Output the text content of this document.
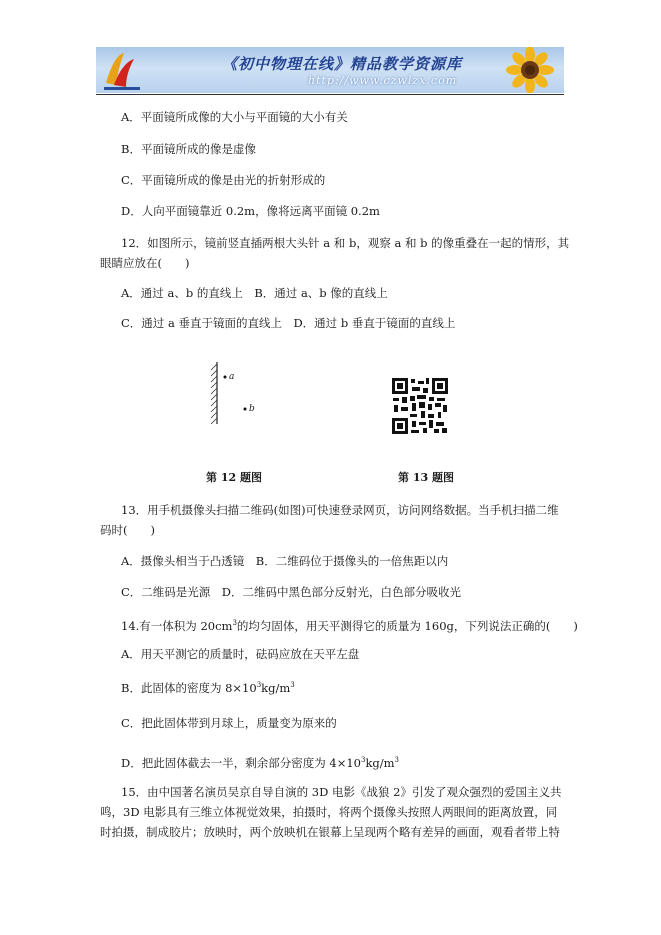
《初中物理在线》精品教学资源库
http://www.czwlzx.com
A．平面镜所成像的大小与平面镜的大小有关
B．平面镜所成的像是虚像
C．平面镜所成的像是由光的折射形成的
D．人向平面镜靠近 0.2m，像将远离平面镜 0.2m
12．如图所示，镜前竖直插两根大头针 a 和 b，观察 a 和 b 的像重叠在一起的情形，其
眼睛应放在(　　)
A．通过 a、b 的直线上　B．通过 a、b 像的直线上
C．通过 a 垂直于镜面的直线上　D．通过 b 垂直于镜面的直线上
a
b
第 12 题图	第 13 题图
13．用手机摄像头扫描二维码(如图)可快速登录网页，访问网络数据。当手机扫描二维
码时(　　)
A．摄像头相当于凸透镜　B．二维码位于摄像头的一倍焦距以内
C．二维码是光源　D．二维码中黑色部分反射光，白色部分吸收光
14.有一体积为 $20cm^3$的均匀固体，用天平测得它的质量为 160g，下列说法正确的(　　)
A．用天平测它的质量时，砝码应放在天平左盘
B．此固体的密度为 $8\times 10^3kg/m^3$
C．把此固体带到月球上，质量变为原来的
D．把此固体截去一半，剩余部分密度为 $4\times 10^3kg/m^3$
15．由中国著名演员吴京自导自演的 3D 电影《战狼 2》引发了观众强烈的爱国主义共
鸣，3D 电影具有三维立体视觉效果，拍摄时，将两个摄像头按照人两眼间的距离放置，同
时拍摄，制成胶片；放映时，两个放映机在银幕上呈现两个略有差异的画面，观看者带上特
